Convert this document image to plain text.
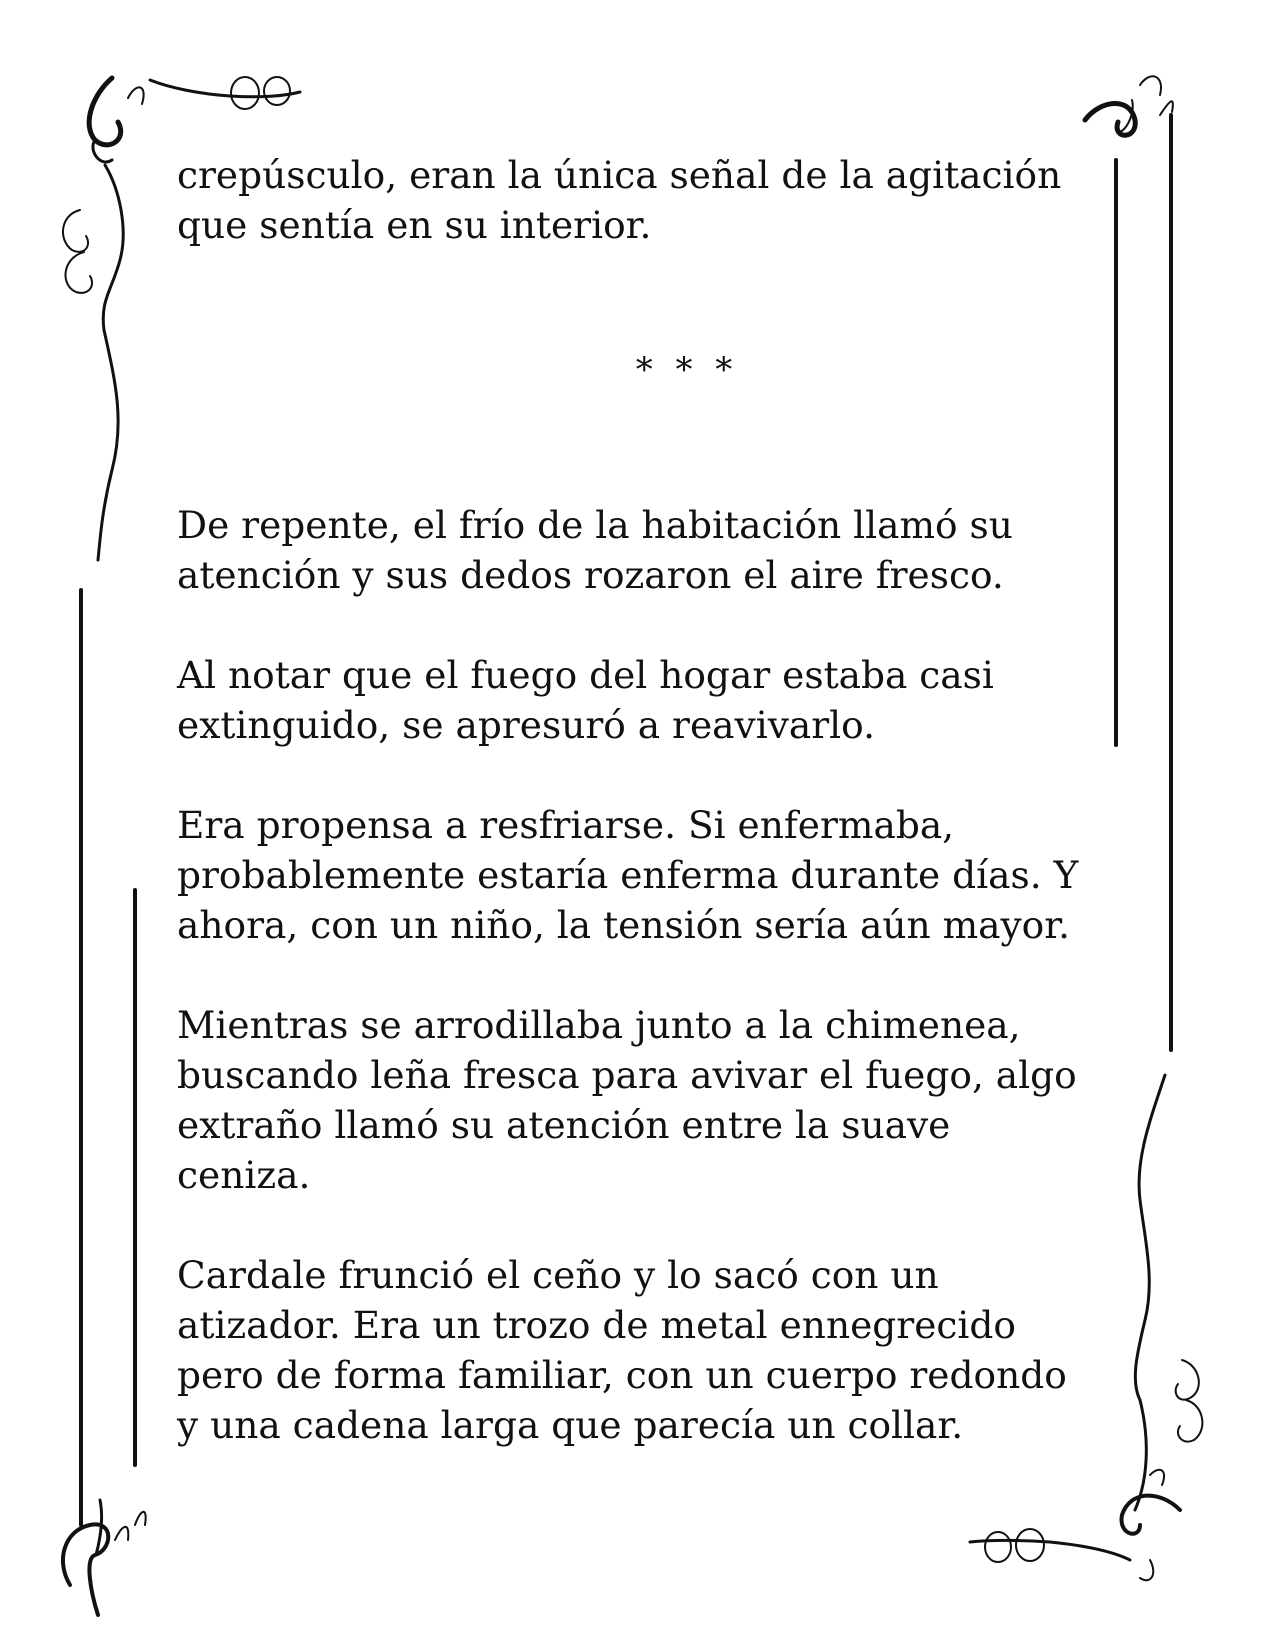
crepúsculo, eran la única señal de la agitación
que sentía en su interior.

* * *

De repente, el frío de la habitación llamó su
atención y sus dedos rozaron el aire fresco.

Al notar que el fuego del hogar estaba casi
extinguido, se apresuró a reavivarlo.

Era propensa a resfriarse. Si enfermaba,
probablemente estaría enferma durante días. Y
ahora, con un niño, la tensión sería aún mayor.

Mientras se arrodillaba junto a la chimenea,
buscando leña fresca para avivar el fuego, algo
extraño llamó su atención entre la suave
ceniza.

Cardale frunció el ceño y lo sacó con un
atizador. Era un trozo de metal ennegrecido
pero de forma familiar, con un cuerpo redondo
y una cadena larga que parecía un collar.
